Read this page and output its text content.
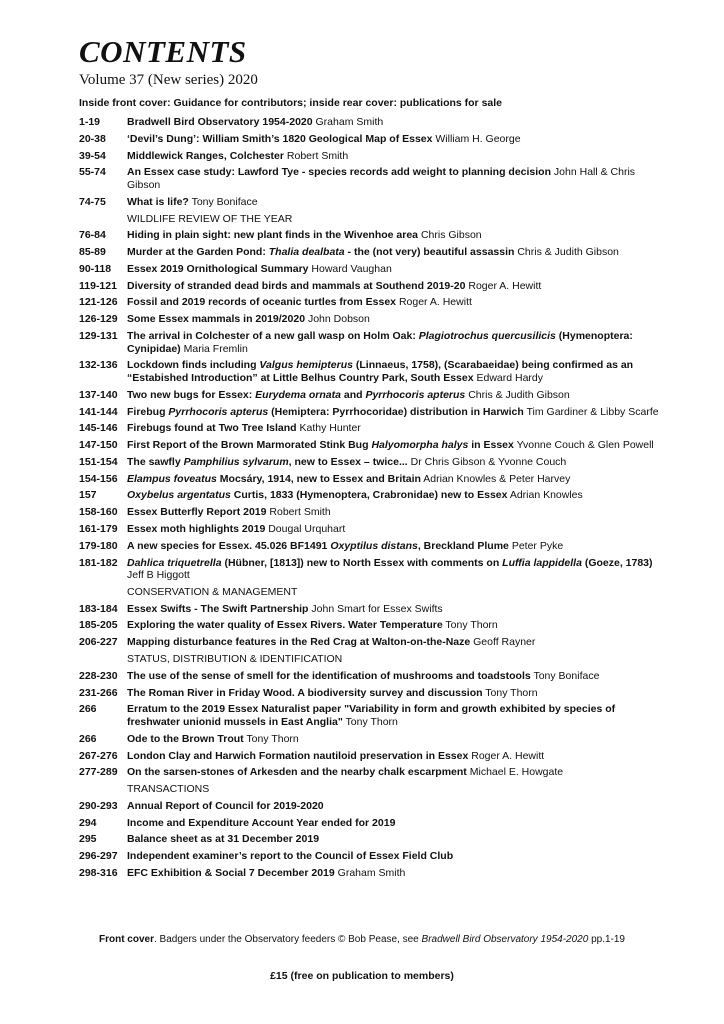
CONTENTS
Volume 37 (New series) 2020
Inside front cover: Guidance for contributors; inside rear cover: publications for sale
1-19	Bradwell Bird Observatory 1954-2020 Graham Smith
20-38	‘Devil’s Dung’: William Smith’s 1820 Geological Map of Essex William H. George
39-54	Middlewick Ranges, Colchester Robert Smith
55-74	An Essex case study: Lawford Tye - species records add weight to planning decision John Hall & Chris Gibson
74-75	What is life? Tony Boniface
WILDLIFE REVIEW OF THE YEAR
76-84	Hiding in plain sight: new plant finds in the Wivenhoe area Chris Gibson
85-89	Murder at the Garden Pond: Thalia dealbata - the (not very) beautiful assassin Chris & Judith Gibson
90-118	Essex 2019 Ornithological Summary Howard Vaughan
119-121 Diversity of stranded dead birds and mammals at Southend 2019-20 Roger A. Hewitt
121-126 Fossil and 2019 records of oceanic turtles from Essex Roger A. Hewitt
126-129 Some Essex mammals in 2019/2020 John Dobson
129-131 The arrival in Colchester of a new gall wasp on Holm Oak: Plagiotrochus quercusilicis (Hymenoptera: Cynipidae) Maria Fremlin
132-136 Lockdown finds including Valgus hemipterus (Linnaeus, 1758), (Scarabaeidae) being confirmed as an “Estabished Introduction” at Little Belhus Country Park, South Essex Edward Hardy
137-140 Two new bugs for Essex: Eurydema ornata and Pyrrhocoris apterus Chris & Judith Gibson
141-144 Firebug Pyrrhocoris apterus (Hemiptera: Pyrrhocoridae) distribution in Harwich Tim Gardiner & Libby Scarfe
145-146 Firebugs found at Two Tree Island Kathy Hunter
147-150 First Report of the Brown Marmorated Stink Bug Halyomorpha halys in Essex Yvonne Couch & Glen Powell
151-154 The sawfly Pamphilius sylvarum, new to Essex – twice... Dr Chris Gibson & Yvonne Couch
154-156 Elampus foveatus Mocsáry, 1914, new to Essex and Britain Adrian Knowles & Peter Harvey
157	Oxybelus argentatus Curtis, 1833 (Hymenoptera, Crabronidae) new to Essex Adrian Knowles
158-160 Essex Butterfly Report 2019 Robert Smith
161-179 Essex moth highlights 2019 Dougal Urquhart
179-180 A new species for Essex. 45.026 BF1491 Oxyptilus distans, Breckland Plume Peter Pyke
181-182 Dahlica triquetrella (Hübner, [1813]) new to North Essex with comments on Luffia lappidella (Goeze, 1783) Jeff B Higgott
CONSERVATION & MANAGEMENT
183-184 Essex Swifts - The Swift Partnership John Smart for Essex Swifts
185-205 Exploring the water quality of Essex Rivers. Water Temperature Tony Thorn
206-227 Mapping disturbance features in the Red Crag at Walton-on-the-Naze Geoff Rayner
STATUS, DISTRIBUTION & IDENTIFICATION
228-230 The use of the sense of smell for the identification of mushrooms and toadstools Tony Boniface
231-266 The Roman River in Friday Wood. A biodiversity survey and discussion Tony Thorn
266	Erratum to the 2019 Essex Naturalist paper "Variability in form and growth exhibited by species of freshwater unionid mussels in East Anglia" Tony Thorn
266	Ode to the Brown Trout Tony Thorn
267-276 London Clay and Harwich Formation nautiloid preservation in Essex Roger A. Hewitt
277-289 On the sarsen-stones of Arkesden and the nearby chalk escarpment Michael E. Howgate
TRANSACTIONS
290-293 Annual Report of Council for 2019-2020
294	Income and Expenditure Account Year ended for 2019
295	Balance sheet as at 31 December 2019
296-297 Independent examiner’s report to the Council of Essex Field Club
298-316 EFC Exhibition & Social 7 December 2019 Graham Smith
Front cover. Badgers under the Observatory feeders © Bob Pease, see Bradwell Bird Observatory 1954-2020 pp.1-19
£15 (free on publication to members)
